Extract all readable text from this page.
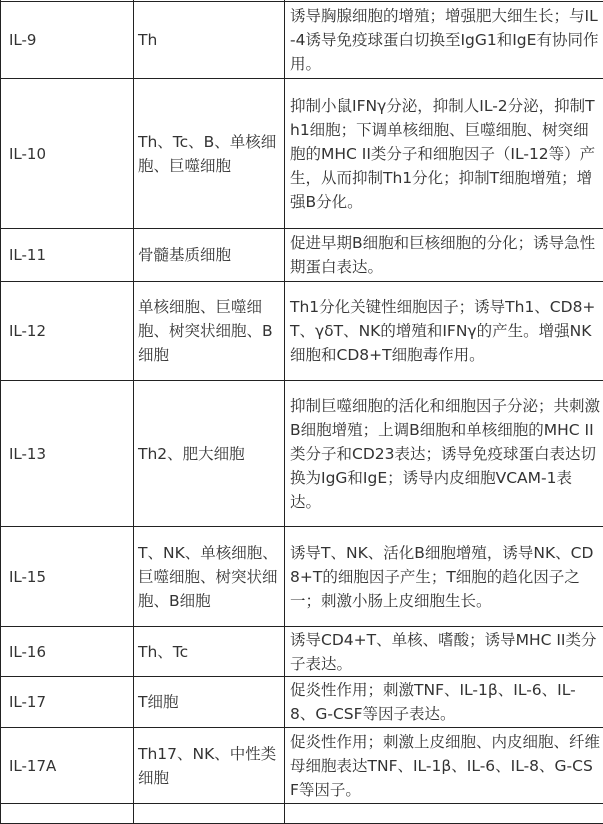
IL-9	Th	诱导胸腺细胞的增殖；增强肥大细生长；与IL-4诱导免疫球蛋白切换至IgG1和IgE有协同作用。
IL-10	Th、Tc、B、单核细胞、巨噬细胞	抑制小鼠IFNγ分泌，抑制人IL-2分泌，抑制Th1细胞；下调单核细胞、巨噬细胞、树突细胞的MHC II类分子和细胞因子（IL-12等）产生，从而抑制Th1分化；抑制T细胞增殖；增强B分化。
IL-11	骨髓基质细胞	促进早期B细胞和巨核细胞的分化；诱导急性期蛋白表达。
IL-12	单核细胞、巨噬细胞、树突状细胞、B细胞	Th1分化关键性细胞因子；诱导Th1、CD8+T、γδT、NK的增殖和IFNγ的产生。增强NK细胞和CD8+T细胞毒作用。
IL-13	Th2、肥大细胞	抑制巨噬细胞的活化和细胞因子分泌；共刺激B细胞增殖；上调B细胞和单核细胞的MHC II类分子和CD23表达；诱导免疫球蛋白表达切换为IgG和IgE；诱导内皮细胞VCAM-1表达。
IL-15	T、NK、单核细胞、巨噬细胞、树突状细胞、B细胞	诱导T、NK、活化B细胞增殖，诱导NK、CD8+T的细胞因子产生；T细胞的趋化因子之一；刺激小肠上皮细胞生长。
IL-16	Th、Tc	诱导CD4+T、单核、嗜酸；诱导MHC II类分子表达。
IL-17	T细胞	促炎性作用；刺激TNF、IL-1β、IL-6、IL-8、G-CSF等因子表达。
IL-17A	Th17、NK、中性类细胞	促炎性作用；刺激上皮细胞、内皮细胞、纤维母细胞表达TNF、IL-1β、IL-6、IL-8、G-CSF等因子。
